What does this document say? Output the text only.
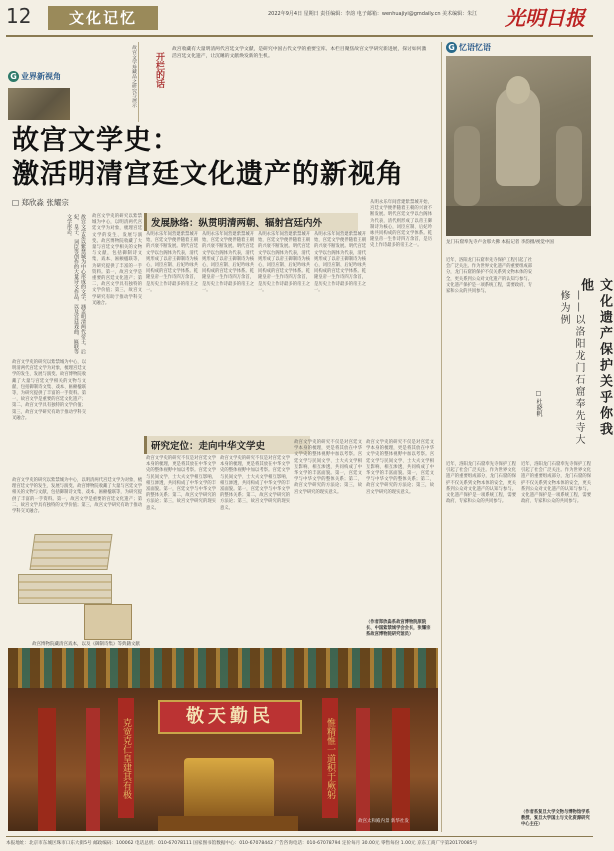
12	文化记忆	2022年9月4日 星期日 责任编辑：李韵 电子邮箱：wenhuajiyi@gmdaily.cn 美术编辑：朱江	光明日报
G 业界新视角	故宫文学珍藏品之研究与展示	开栏的话
故宫收藏有大量明清两代宫廷文学文献，是研究中国古代文学的重要宝库。本栏目聚焦故宫文学研究新进展，探讨如何激活宫廷文化遗产，让沉睡的文献焕发新的生机。
故宫文学史：
激活明清宫廷文化遗产的新视角
□ 郑欣淼 张耀宗
故宫文学是以紫禁城为中心形成的文学，涵盖明清两代帝王、后妃、皇子、词臣等创作的大量诗文作品，以及宫廷戏曲、匾联等文学形态。	故宫文学史的研究以紫禁城为中心，以明清两代宫廷文学为对象，梳理宫廷文学的发生、发展与演变。故宫博物院收藏了大量与宫廷文学相关的文物与文献，包括御制诗文集、戏本、匾额楹联等，为研究提供了丰富的一手资料。第一，故宫文学是重要的宫廷文化遗产；第二，故宫文学具有独特的文学价值；第三，故宫文学研究有助于推动学科交叉融合。
故宫文学史的研究以紫禁城为中心，以明清两代宫廷文学为对象，梳理宫廷文学的发生、发展与演变。故宫博物院收藏了大量与宫廷文学相关的文物与文献，包括御制诗文集、戏本、匾额楹联等，为研究提供了丰富的一手资料。第一，故宫文学是重要的宫廷文化遗产；第二，故宫文学具有独特的文学价值；第三，故宫文学研究有助于推动学科交叉融合。
故宫文学史的研究以紫禁城为中心，以明清两代宫廷文学为对象，梳理宫廷文学的发生、发展与演变。故宫博物院收藏了大量与宫廷文学相关的文物与文献，包括御制诗文集、戏本、匾额楹联等，为研究提供了丰富的一手资料。第一，故宫文学是重要的宫廷文化遗产；第二，故宫文学具有独特的文学价值；第三，故宫文学研究有助于推动学科交叉融合。
故宫博物院藏清宫戏本，以及《御制诗集》等典籍文献
发展脉络：纵贯明清两朝、辐射宫廷内外
从明永乐年间营建紫禁城开始，宫廷文学便伴随着王朝的兴衰不断发展。明代宫廷文学以台阁体为代表，清代则形成了以帝王御制诗为核心，词臣应制、后妃吟咏共同构成的宫廷文学体系。乾隆皇帝一生作诗四万余首，是历史上作诗最多的帝王之一。
从明永乐年间营建紫禁城开始，宫廷文学便伴随着王朝的兴衰不断发展。明代宫廷文学以台阁体为代表，清代则形成了以帝王御制诗为核心，词臣应制、后妃吟咏共同构成的宫廷文学体系。乾隆皇帝一生作诗四万余首，是历史上作诗最多的帝王之一。
从明永乐年间营建紫禁城开始，宫廷文学便伴随着王朝的兴衰不断发展。明代宫廷文学以台阁体为代表，清代则形成了以帝王御制诗为核心，词臣应制、后妃吟咏共同构成的宫廷文学体系。乾隆皇帝一生作诗四万余首，是历史上作诗最多的帝王之一。
从明永乐年间营建紫禁城开始，宫廷文学便伴随着王朝的兴衰不断发展。明代宫廷文学以台阁体为代表，清代则形成了以帝王御制诗为核心，词臣应制、后妃吟咏共同构成的宫廷文学体系。乾隆皇帝一生作诗四万余首，是历史上作诗最多的帝王之一。
从明永乐年间营建紫禁城开始，宫廷文学便伴随着王朝的兴衰不断发展。明代宫廷文学以台阁体为代表，清代则形成了以帝王御制诗为核心，词臣应制、后妃吟咏共同构成的宫廷文学体系。乾隆皇帝一生作诗四万余首，是历史上作诗最多的帝王之一。
研究定位：走向中华文学史
故宫文学史的研究不仅是对宫廷文学本身的梳理，更是将其放在中华文学史的整体视野中加以考察。宫廷文学与民间文学、士大夫文学相互影响、相互渗透，共同构成了中华文学的丰富面貌。第一，宫廷文学与中华文学的整体关系；第二，故宫文学研究的方法论；第三，故宫文学研究的现实意义。
故宫文学史的研究不仅是对宫廷文学本身的梳理，更是将其放在中华文学史的整体视野中加以考察。宫廷文学与民间文学、士大夫文学相互影响、相互渗透，共同构成了中华文学的丰富面貌。第一，宫廷文学与中华文学的整体关系；第二，故宫文学研究的方法论；第三，故宫文学研究的现实意义。
故宫文学史的研究不仅是对宫廷文学本身的梳理，更是将其放在中华文学史的整体视野中加以考察。宫廷文学与民间文学、士大夫文学相互影响、相互渗透，共同构成了中华文学的丰富面貌。第一，宫廷文学与中华文学的整体关系；第二，故宫文学研究的方法论；第三，故宫文学研究的现实意义。
故宫文学史的研究不仅是对宫廷文学本身的梳理，更是将其放在中华文学史的整体视野中加以考察。宫廷文学与民间文学、士大夫文学相互影响、相互渗透，共同构成了中华文学的丰富面貌。第一，宫廷文学与中华文学的整体关系；第二，故宫文学研究的方法论；第三，故宫文学研究的现实意义。
（作者郑欣淼系故宫博物院原院长、中国紫禁城学会会长，张耀宗系故宫博物院研究馆员）
敬天勤民
克宽克仁皇建其有极	惟精惟一道积于厥躬
故宫太和殿内景 新华社发
G 忆语忆语
龙门石窟奉先寺卢舍那大佛 本报记者 李韵摄/视觉中国
文化遗产保护关乎你我他
——以洛阳龙门石窟奉先寺大修为例
□ 杜晓帆
近年，洛阳龙门石窟奉先寺保护工程引起了社会广泛关注。作为世界文化遗产的重要组成部分，龙门石窟的保护不仅关系到文物本体的安全，更关系到公众对文化遗产的认知与参与。文化遗产保护是一项系统工程，需要政府、专家和公众的共同参与。
近年，洛阳龙门石窟奉先寺保护工程引起了社会广泛关注。作为世界文化遗产的重要组成部分，龙门石窟的保护不仅关系到文物本体的安全，更关系到公众对文化遗产的认知与参与。文化遗产保护是一项系统工程，需要政府、专家和公众的共同参与。
近年，洛阳龙门石窟奉先寺保护工程引起了社会广泛关注。作为世界文化遗产的重要组成部分，龙门石窟的保护不仅关系到文物本体的安全，更关系到公众对文化遗产的认知与参与。文化遗产保护是一项系统工程，需要政府、专家和公众的共同参与。
（作者系复旦大学文物与博物馆学系教授、复旦大学国土与文化资源研究中心主任）
本报地址：北京市东城区珠市口东大街5号 邮政编码：100062 电话总机：010-67078111 国家图书馆数据中心：010-67078442 广告咨询电话：010-67078794 定价每月 30.00元 零售每份 1.00元 京东工商广字第20170085号
